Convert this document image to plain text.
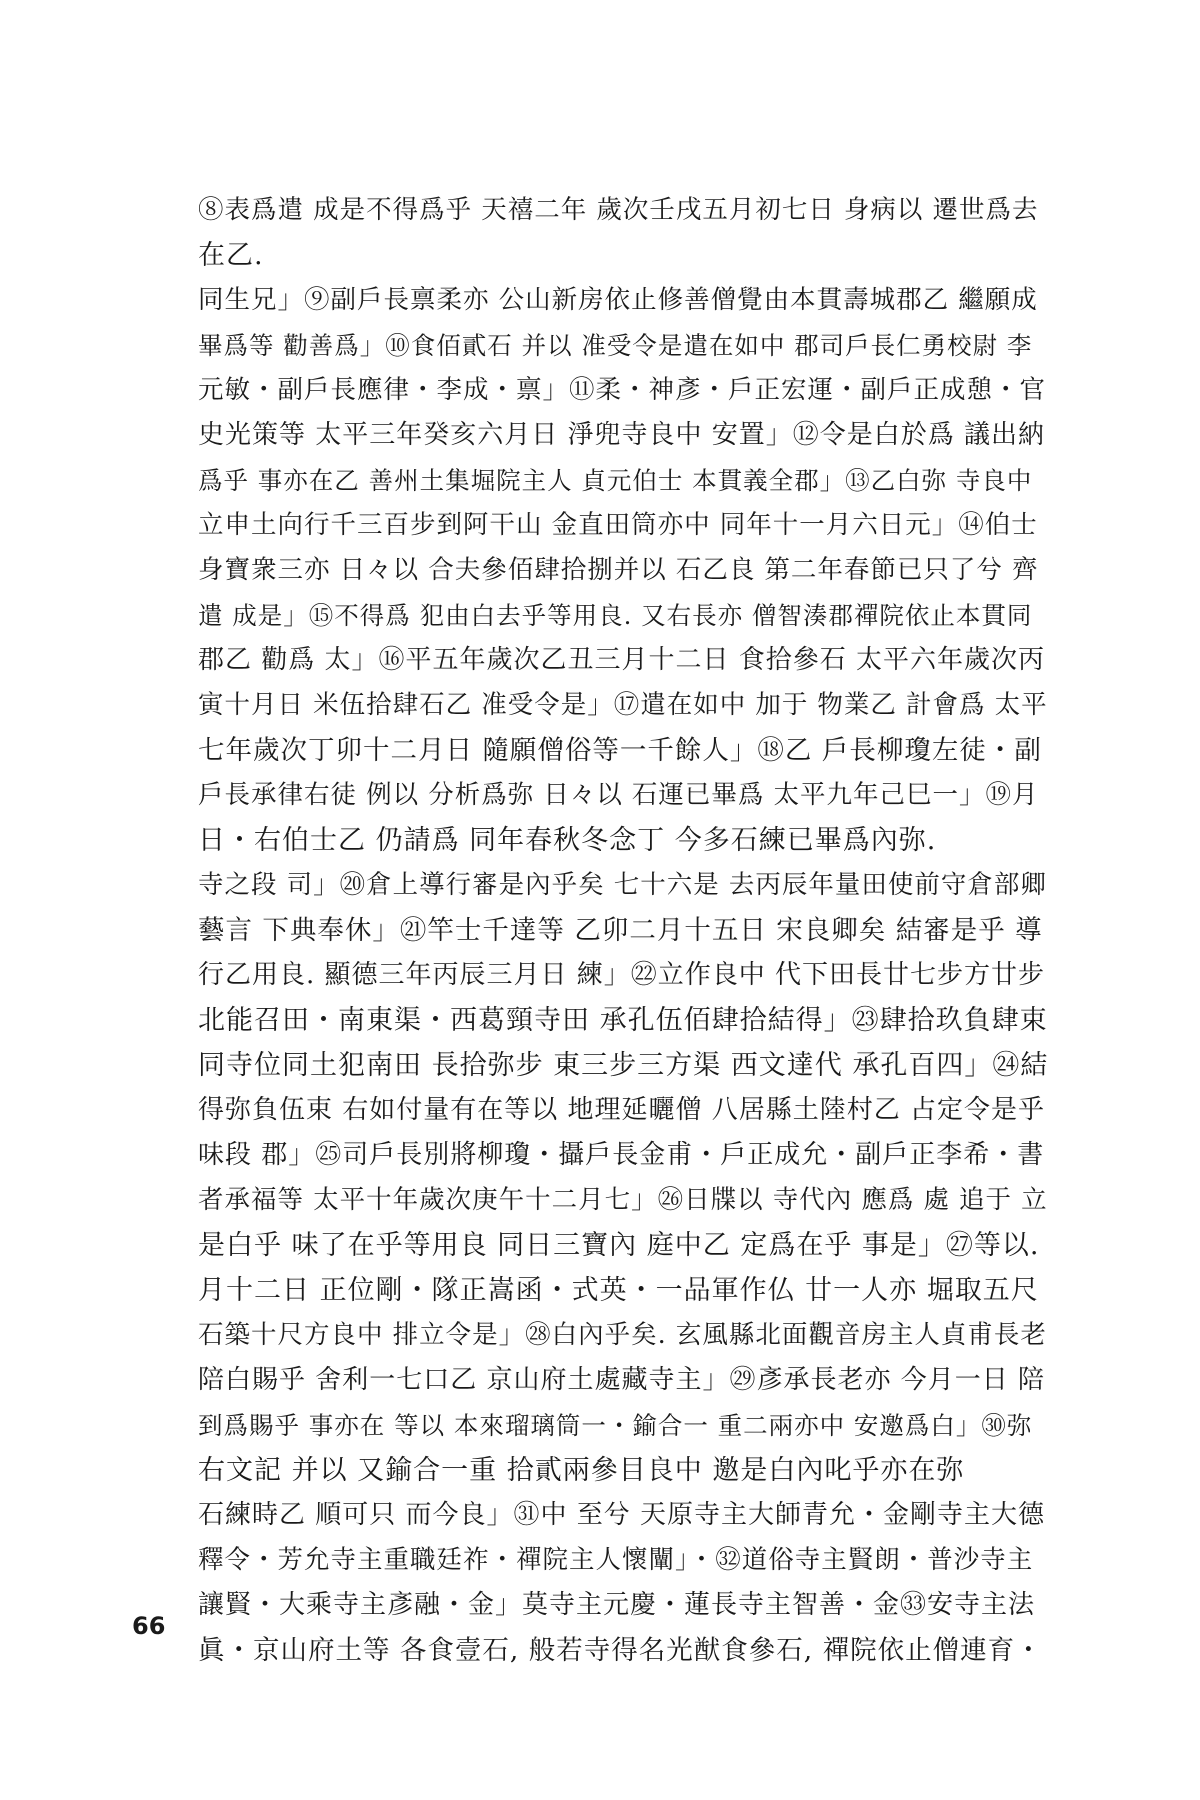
⑧表爲遣 成是不得爲乎 天禧二年 歲次壬戌五月初七日 身病以 遷世爲去
在乙.
同生兄」⑨副戶長禀柔亦 公山新房依止修善僧覺由本貫壽城郡乙 繼願成
畢爲等 勸善爲」⑩食佰貳石 并以 准受令是遣在如中 郡司戶長仁勇校尉 李
元敏・副戶長應律・李成・禀」⑪柔・神彥・戶正宏運・副戶正成憩・官
史光策等 太平三年癸亥六月日 淨兜寺良中 安置」⑫令是白於爲 議出納
爲乎 事亦在乙 善州土集堀院主人 貞元伯士 本貫義全郡」⑬乙白弥 寺良中
立申土向行千三百步到阿干山 金直田筒亦中 同年十一月六日元」⑭伯士
身寶衆三亦 日々以 合夫參佰肆拾捌并以 石乙良 第二年春節已只了兮 齊
遣 成是」⑮不得爲 犯由白去乎等用良. 又右長亦 僧智湊郡禪院依止本貫同
郡乙 勸爲 太」⑯平五年歲次乙丑三月十二日 食拾參石 太平六年歲次丙
寅十月日 米伍拾肆石乙 准受令是」⑰遣在如中 加于 物業乙 計會爲 太平
七年歲次丁卯十二月日 隨願僧俗等一千餘人」⑱乙 戶長柳瓊左徒・副
戶長承律右徒 例以 分析爲弥 日々以 石運已畢爲 太平九年己巳一」⑲月
日・右伯士乙 仍請爲 同年春秋冬念丁 今多石練已畢爲內弥.
寺之段 司」⑳倉上導行審是內乎矣 七十六是 去丙辰年量田使前守倉部卿
藝言 下典奉休」㉑竿士千達等 乙卯二月十五日 宋良卿矣 結審是乎 導
行乙用良. 顯德三年丙辰三月日 練」㉒立作良中 代下田長廿七步方廿步
北能召田・南東渠・西葛頸寺田 承孔伍佰肆拾結得」㉓肆拾玖負肆束
同寺位同土犯南田 長拾弥步 東三步三方渠 西文達代 承孔百四」㉔結
得弥負伍束 右如付量有在等以 地理延曬僧 八居縣土陸村乙 占定令是乎
味段 郡」㉕司戶長別將柳瓊・攝戶長金甫・戶正成允・副戶正李希・書
者承福等 太平十年歲次庚午十二月七」㉖日牒以 寺代內 應爲 處 追于 立
是白乎 味了在乎等用良 同日三寶內 庭中乙 定爲在乎 事是」㉗等以.
月十二日 正位剛・隊正嵩函・式英・一品軍作仏 廿一人亦 堀取五尺
石築十尺方良中 排立令是」㉘白內乎矣. 玄風縣北面觀音房主人貞甫長老
陪白賜乎 舍利一七口乙 京山府土處藏寺主」㉙彥承長老亦 今月一日 陪
到爲賜乎 事亦在 等以 本來瑠璃筒一・鍮合一 重二兩亦中 安邀爲白」㉚弥
右文記 并以 又鍮合一重 拾貳兩參目良中 邀是白內叱乎亦在弥
石練時乙 順可只 而今良」㉛中 至兮 天原寺主大師青允・金剛寺主大德
釋令・芳允寺主重職廷祚・禪院主人懷闡」・㉜道俗寺主賢朗・普沙寺主
讓賢・大乘寺主彥融・金」莫寺主元慶・蓮長寺主智善・金㉝安寺主法
眞・京山府土等 各食壹石, 般若寺得名光猷食參石, 禪院依止僧連育・
66
